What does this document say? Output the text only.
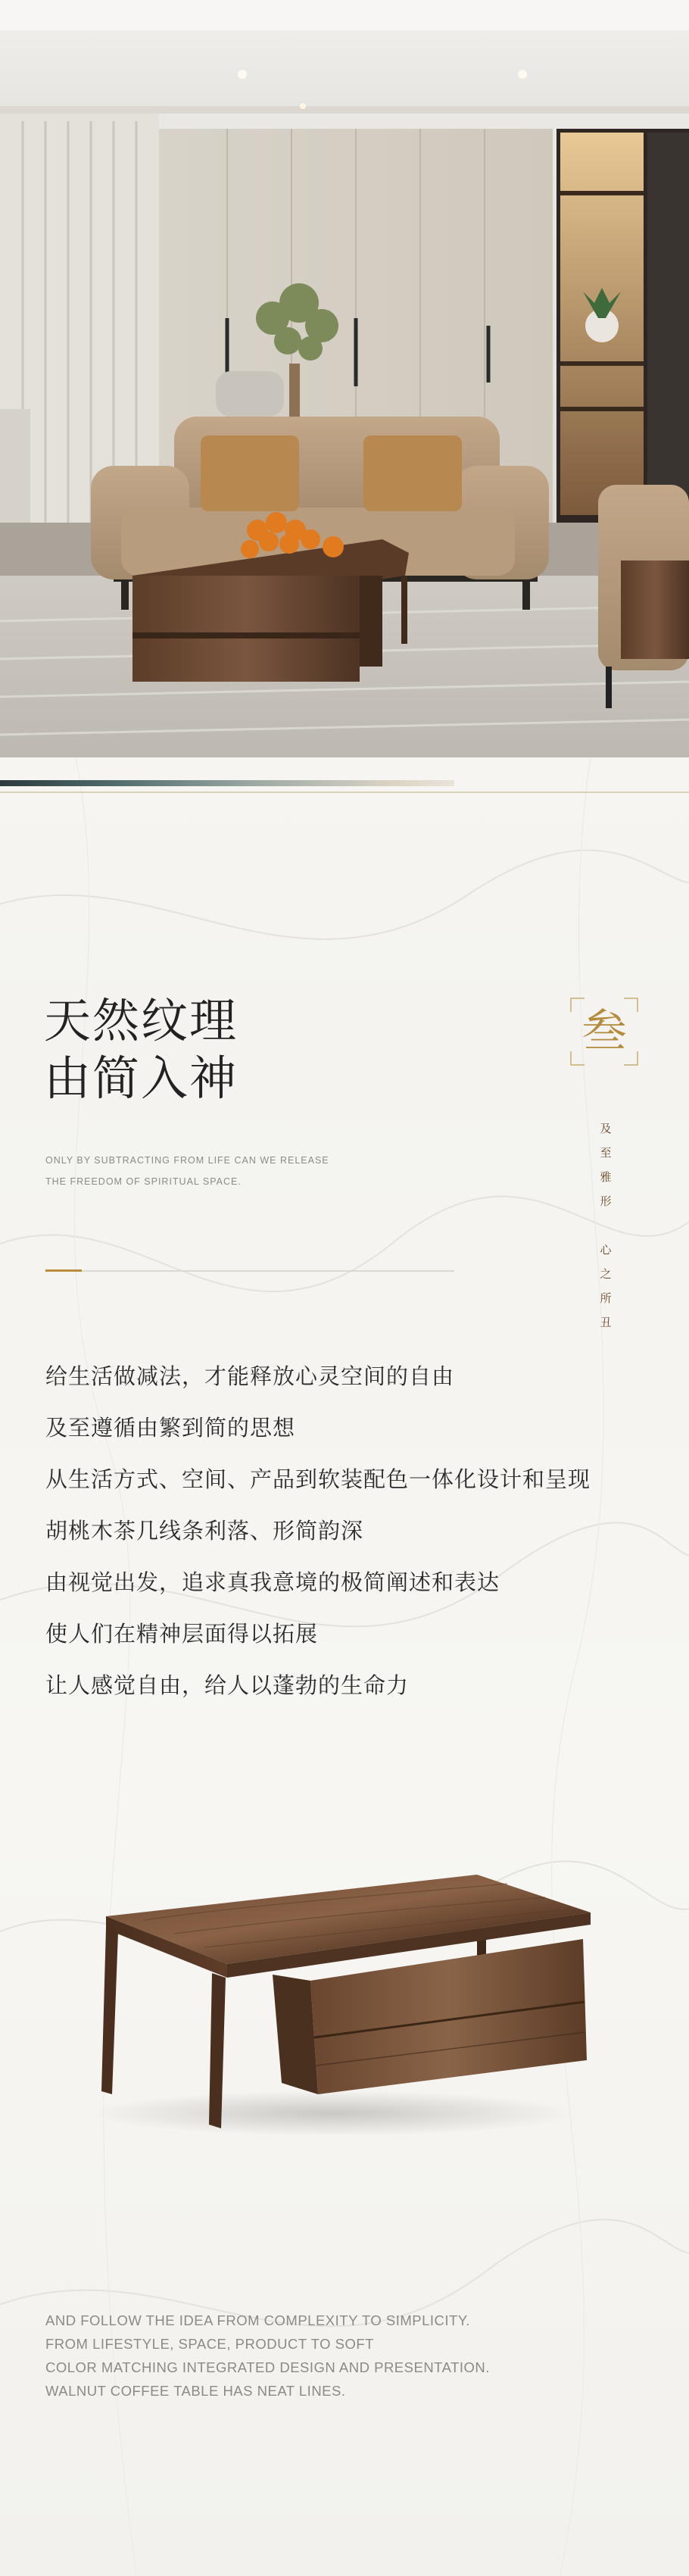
天然纹理
由简入神

ONLY BY SUBTRACTING FROM LIFE CAN WE RELEASE
THE FREEDOM OF SPIRITUAL SPACE.

叁
及
至
雅
形

心
之
所
丑
给生活做减法，才能释放心灵空间的自由
及至遵循由繁到简的思想
从生活方式、空间、产品到软装配色一体化设计和呈现
胡桃木茶几线条利落、形简韵深
由视觉出发，追求真我意境的极简阐述和表达
使人们在精神层面得以拓展
让人感觉自由，给人以蓬勃的生命力
AND FOLLOW THE IDEA FROM COMPLEXITY TO SIMPLICITY.
FROM LIFESTYLE, SPACE, PRODUCT TO SOFT
COLOR MATCHING INTEGRATED DESIGN AND PRESENTATION.
WALNUT COFFEE TABLE HAS NEAT LINES.
